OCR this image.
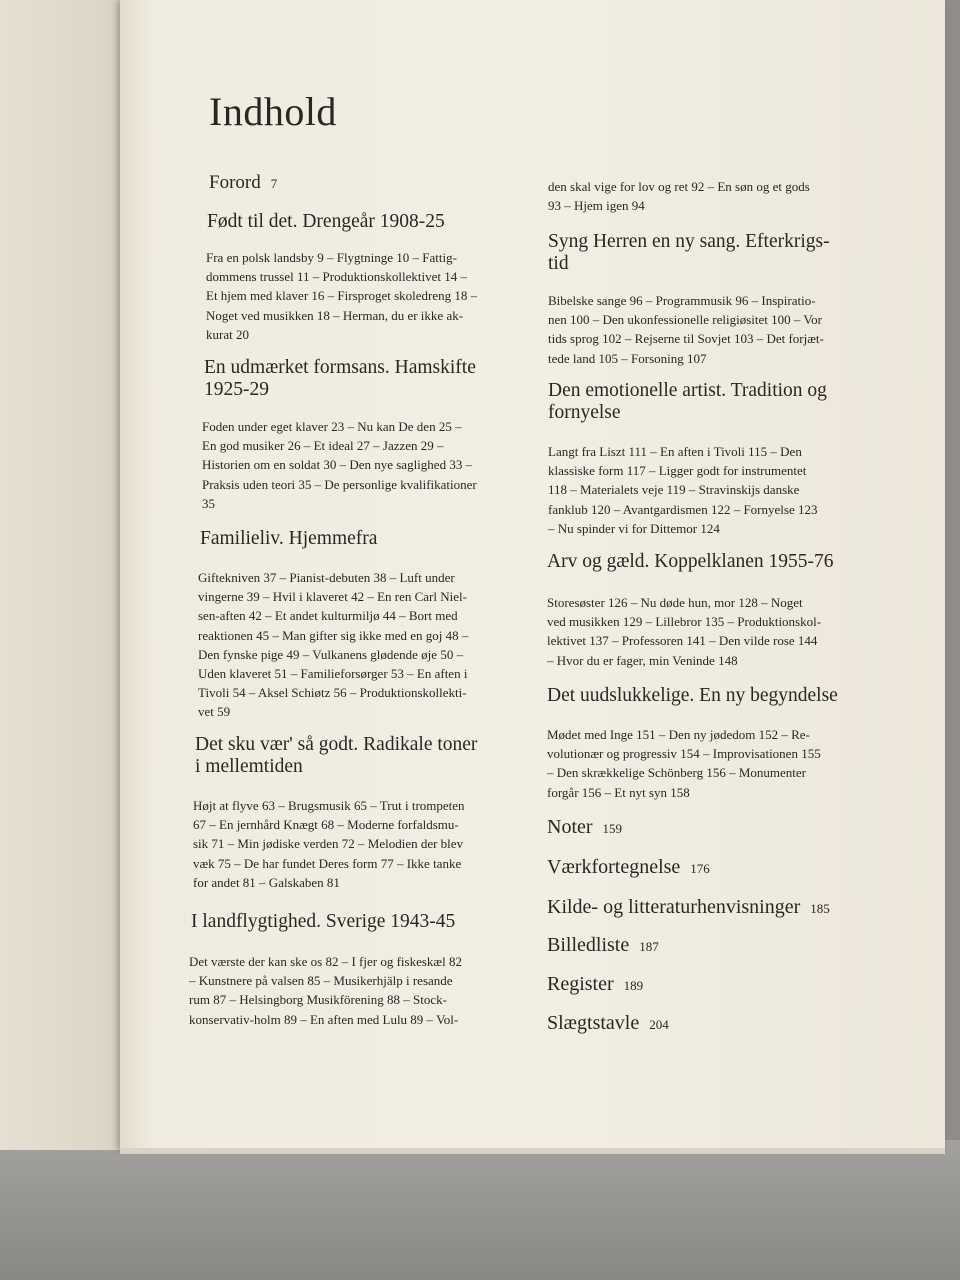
Indhold
Forord 7
Født til det. Drengeår 1908-25
Fra en polsk landsby 9 – Flygtninge 10 – Fattig-
dommens trussel 11 – Produktionskollektivet 14 –
Et hjem med klaver 16 – Firsproget skoledreng 18 –
Noget ved musikken 18 – Herman, du er ikke ak-
kurat 20
En udmærket formsans. Hamskifte
1925-29
Foden under eget klaver 23 – Nu kan De den 25 –
En god musiker 26 – Et ideal 27 – Jazzen 29 –
Historien om en soldat 30 – Den nye saglighed 33 –
Praksis uden teori 35 – De personlige kvalifikationer
35
Familieliv. Hjemmefra
Giftekniven 37 – Pianist-debuten 38 – Luft under
vingerne 39 – Hvil i klaveret 42 – En ren Carl Niel-
sen-aften 42 – Et andet kulturmiljø 44 – Bort med
reaktionen 45 – Man gifter sig ikke med en goj 48 –
Den fynske pige 49 – Vulkanens glødende øje 50 –
Uden klaveret 51 – Familieforsørger 53 – En aften i
Tivoli 54 – Aksel Schiøtz 56 – Produktionskollekti-
vet 59
Det sku vær' så godt. Radikale toner
i mellemtiden
Højt at flyve 63 – Brugsmusik 65 – Trut i trompeten
67 – En jernhård Knægt 68 – Moderne forfaldsmu-
sik 71 – Min jødiske verden 72 – Melodien der blev
væk 75 – De har fundet Deres form 77 – Ikke tanke
for andet 81 – Galskaben 81
I landflygtighed. Sverige 1943-45
Det værste der kan ske os 82 – I fjer og fiskeskæl 82
– Kunstnere på valsen 85 – Musikerhjälp i resande
rum 87 – Helsingborg Musikförening 88 – Stock-
konservativ-holm 89 – En aften med Lulu 89 – Vol-
den skal vige for lov og ret 92 – En søn og et gods
93 – Hjem igen 94
Syng Herren en ny sang. Efterkrigs-
tid
Bibelske sange 96 – Programmusik 96 – Inspiratio-
nen 100 – Den ukonfessionelle religiøsitet 100 – Vor
tids sprog 102 – Rejserne til Sovjet 103 – Det forjæt-
tede land 105 – Forsoning 107
Den emotionelle artist. Tradition og
fornyelse
Langt fra Liszt 111 – En aften i Tivoli 115 – Den
klassiske form 117 – Ligger godt for instrumentet
118 – Materialets veje 119 – Stravinskijs danske
fanklub 120 – Avantgardismen 122 – Fornyelse 123
– Nu spinder vi for Dittemor 124
Arv og gæld. Koppelklanen 1955-76
Storesøster 126 – Nu døde hun, mor 128 – Noget
ved musikken 129 – Lillebror 135 – Produktionskol-
lektivet 137 – Professoren 141 – Den vilde rose 144
– Hvor du er fager, min Veninde 148
Det uudslukkelige. En ny begyndelse
Mødet med Inge 151 – Den ny jødedom 152 – Re-
volutionær og progressiv 154 – Improvisationen 155
– Den skrækkelige Schönberg 156 – Monumenter
forgår 156 – Et nyt syn 158
Noter 159
Værkfortegnelse 176
Kilde- og litteraturhenvisninger 185
Billedliste 187
Register 189
Slægtstavle 204
